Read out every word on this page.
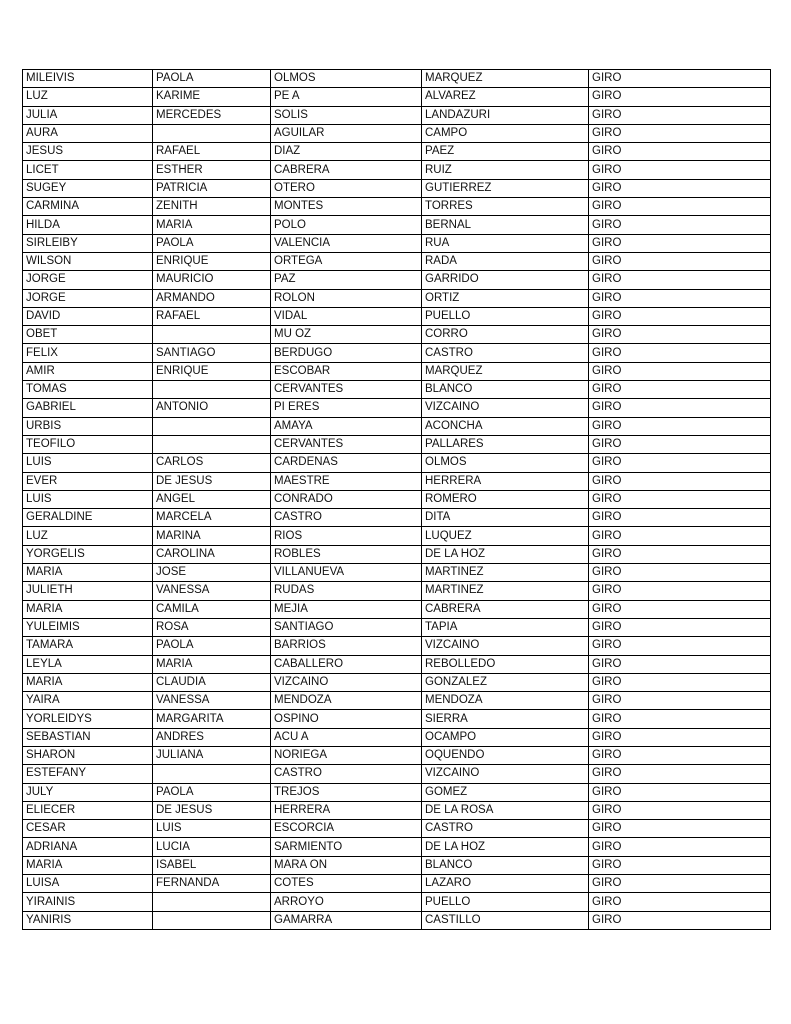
MILEIVIS	PAOLA	OLMOS	MARQUEZ	GIRO
LUZ	KARIME	PE A	ALVAREZ	GIRO
JULIA	MERCEDES	SOLIS	LANDAZURI	GIRO
AURA		AGUILAR	CAMPO	GIRO
JESUS	RAFAEL	DIAZ	PAEZ	GIRO
LICET	ESTHER	CABRERA	RUIZ	GIRO
SUGEY	PATRICIA	OTERO	GUTIERREZ	GIRO
CARMINA	ZENITH	MONTES	TORRES	GIRO
HILDA	MARIA	POLO	BERNAL	GIRO
SIRLEIBY	PAOLA	VALENCIA	RUA	GIRO
WILSON	ENRIQUE	ORTEGA	RADA	GIRO
JORGE	MAURICIO	PAZ	GARRIDO	GIRO
JORGE	ARMANDO	ROLON	ORTIZ	GIRO
DAVID	RAFAEL	VIDAL	PUELLO	GIRO
OBET		MU OZ	CORRO	GIRO
FELIX	SANTIAGO	BERDUGO	CASTRO	GIRO
AMIR	ENRIQUE	ESCOBAR	MARQUEZ	GIRO
TOMAS		CERVANTES	BLANCO	GIRO
GABRIEL	ANTONIO	PI ERES	VIZCAINO	GIRO
URBIS		AMAYA	ACONCHA	GIRO
TEOFILO		CERVANTES	PALLARES	GIRO
LUIS	CARLOS	CARDENAS	OLMOS	GIRO
EVER	DE JESUS	MAESTRE	HERRERA	GIRO
LUIS	ANGEL	CONRADO	ROMERO	GIRO
GERALDINE	MARCELA	CASTRO	DITA	GIRO
LUZ	MARINA	RIOS	LUQUEZ	GIRO
YORGELIS	CAROLINA	ROBLES	DE LA HOZ	GIRO
MARIA	JOSE	VILLANUEVA	MARTINEZ	GIRO
JULIETH	VANESSA	RUDAS	MARTINEZ	GIRO
MARIA	CAMILA	MEJIA	CABRERA	GIRO
YULEIMIS	ROSA	SANTIAGO	TAPIA	GIRO
TAMARA	PAOLA	BARRIOS	VIZCAINO	GIRO
LEYLA	MARIA	CABALLERO	REBOLLEDO	GIRO
MARIA	CLAUDIA	VIZCAINO	GONZALEZ	GIRO
YAIRA	VANESSA	MENDOZA	MENDOZA	GIRO
YORLEIDYS	MARGARITA	OSPINO	SIERRA	GIRO
SEBASTIAN	ANDRES	ACU A	OCAMPO	GIRO
SHARON	JULIANA	NORIEGA	OQUENDO	GIRO
ESTEFANY		CASTRO	VIZCAINO	GIRO
JULY	PAOLA	TREJOS	GOMEZ	GIRO
ELIECER	DE JESUS	HERRERA	DE LA ROSA	GIRO
CESAR	LUIS	ESCORCIA	CASTRO	GIRO
ADRIANA	LUCIA	SARMIENTO	DE LA HOZ	GIRO
MARIA	ISABEL	MARA ON	BLANCO	GIRO
LUISA	FERNANDA	COTES	LAZARO	GIRO
YIRAINIS		ARROYO	PUELLO	GIRO
YANIRIS		GAMARRA	CASTILLO	GIRO
